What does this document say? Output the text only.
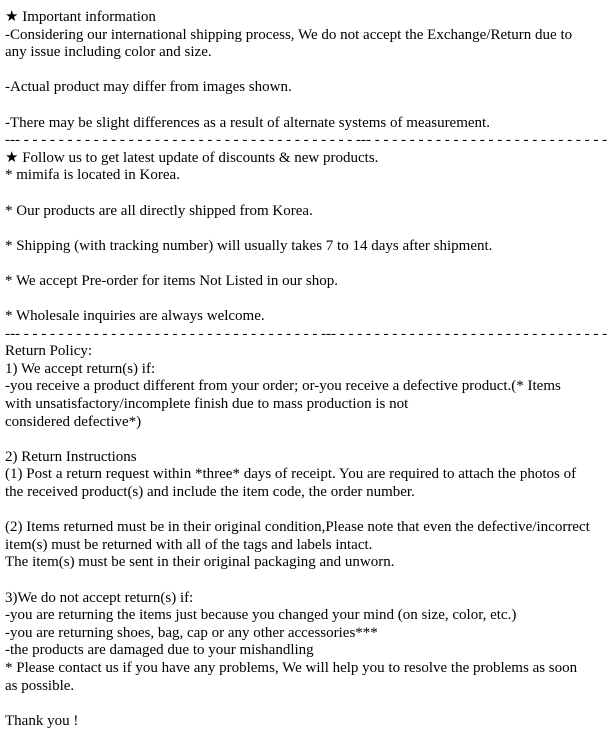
★ Important information
-Considering our international shipping process, We do not accept the Exchange/Return due to
any issue including color and size.

-Actual product may differ from images shown.

-There may be slight differences as a result of alternate systems of measurement.
--- - - - - - - - - - - - - - - - - - - - - - - - - - - - - - - - - - - - - - - --- - - - - - - - - - - - - - - - - - - - - - - - - - - -
★ Follow us to get latest update of discounts & new products.
* mimifa is located in Korea.

* Our products are all directly shipped from Korea.

* Shipping (with tracking number) will usually takes 7 to 14 days after shipment.

* We accept Pre-order for items Not Listed in our shop.

* Wholesale inquiries are always welcome.
--- - - - - - - - - - - - - - - - - - - - - - - - - - - - - - - - - - - --- - - - - - - - - - - - - - - - - - - - - - - - - - - - - - - -
Return Policy:
1) We accept return(s) if:
-you receive a product different from your order; or-you receive a defective product.(* Items
with unsatisfactory/incomplete finish due to mass production is not
considered defective*)

2) Return Instructions
(1) Post a return request within *three* days of receipt. You are required to attach the photos of
the received product(s) and include the item code, the order number.

(2) Items returned must be in their original condition,Please note that even the defective/incorrect
item(s) must be returned with all of the tags and labels intact.
The item(s) must be sent in their original packaging and unworn.

3)We do not accept return(s) if:
-you are returning the items just because you changed your mind (on size, color, etc.)
-you are returning shoes, bag, cap or any other accessories***
-the products are damaged due to your mishandling
* Please contact us if you have any problems, We will help you to resolve the problems as soon
as possible.

Thank you !
